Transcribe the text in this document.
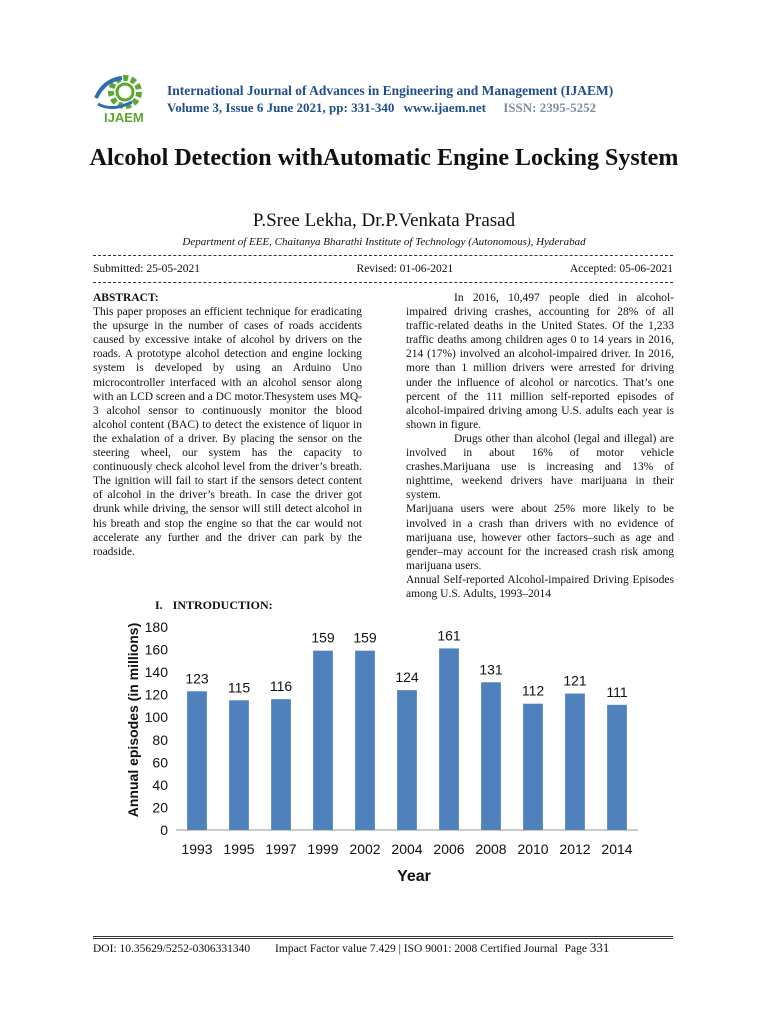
IJAEM
International Journal of Advances in Engineering and Management (IJAEM)
Volume 3, Issue 6 June 2021, pp: 331-340 www.ijaem.net ISSN: 2395-5252
Alcohol Detection withAutomatic Engine Locking System
P.Sree Lekha, Dr.P.Venkata Prasad
Department of EEE, Chaitanya Bharathi Institute of Technology (Autonomous), Hyderabad
Submitted: 25-05-2021	Revised: 01-06-2021	Accepted: 05-06-2021

ABSTRACT:

This paper proposes an efficient technique for eradicating the upsurge in the number of cases of roads accidents caused by excessive intake of alcohol by drivers on the roads. A prototype alcohol detection and engine locking system is developed by using an Arduino Uno microcontroller interfaced with an alcohol sensor along with an LCD screen and a DC motor.Thesystem uses MQ-3 alcohol sensor to continuously monitor the blood alcohol content (BAC) to detect the existence of liquor in the exhalation of a driver. By placing the sensor on the steering wheel, our system has the capacity to continuously check alcohol level from the driver’s breath. The ignition will fail to start if the sensors detect content of alcohol in the driver’s breath. In case the driver got drunk while driving, the sensor will still detect alcohol in his breath and stop the engine so that the car would not accelerate any further and the driver can park by the roadside.

I. INTRODUCTION:

In 2016, 10,497 people died in alcohol-impaired driving crashes, accounting for 28% of all traffic-related deaths in the United States. Of the 1,233 traffic deaths among children ages 0 to 14 years in 2016, 214 (17%) involved an alcohol-impaired driver. In 2016, more than 1 million drivers were arrested for driving under the influence of alcohol or narcotics. That’s one percent of the 111 million self-reported episodes of alcohol-impaired driving among U.S. adults each year is shown in figure.

Drugs other than alcohol (legal and illegal) are involved in about 16% of motor vehicle crashes.Marijuana use is increasing and 13% of nighttime, weekend drivers have marijuana in their system.

Marijuana users were about 25% more likely to be involved in a crash than drivers with no evidence of marijuana use, however other factors‒such as age and gender‒may account for the increased crash risk among marijuana users.

Annual Self-reported Alcohol-impaired Driving Episodes among U.S. Adults, 1993‒2014

Annual episodes (in millions)
Year
0
20
40
60
80
100
120
140
160
180
123
1993
115
1995
116
1997
159
1999
159
2002
124
2004
161
2006
131
2008
112
2010
121
2012
111
2014
DOI: 10.35629/5252-0306331340 Impact Factor value 7.429 | ISO 9001: 2008 Certified Journal Page 331
